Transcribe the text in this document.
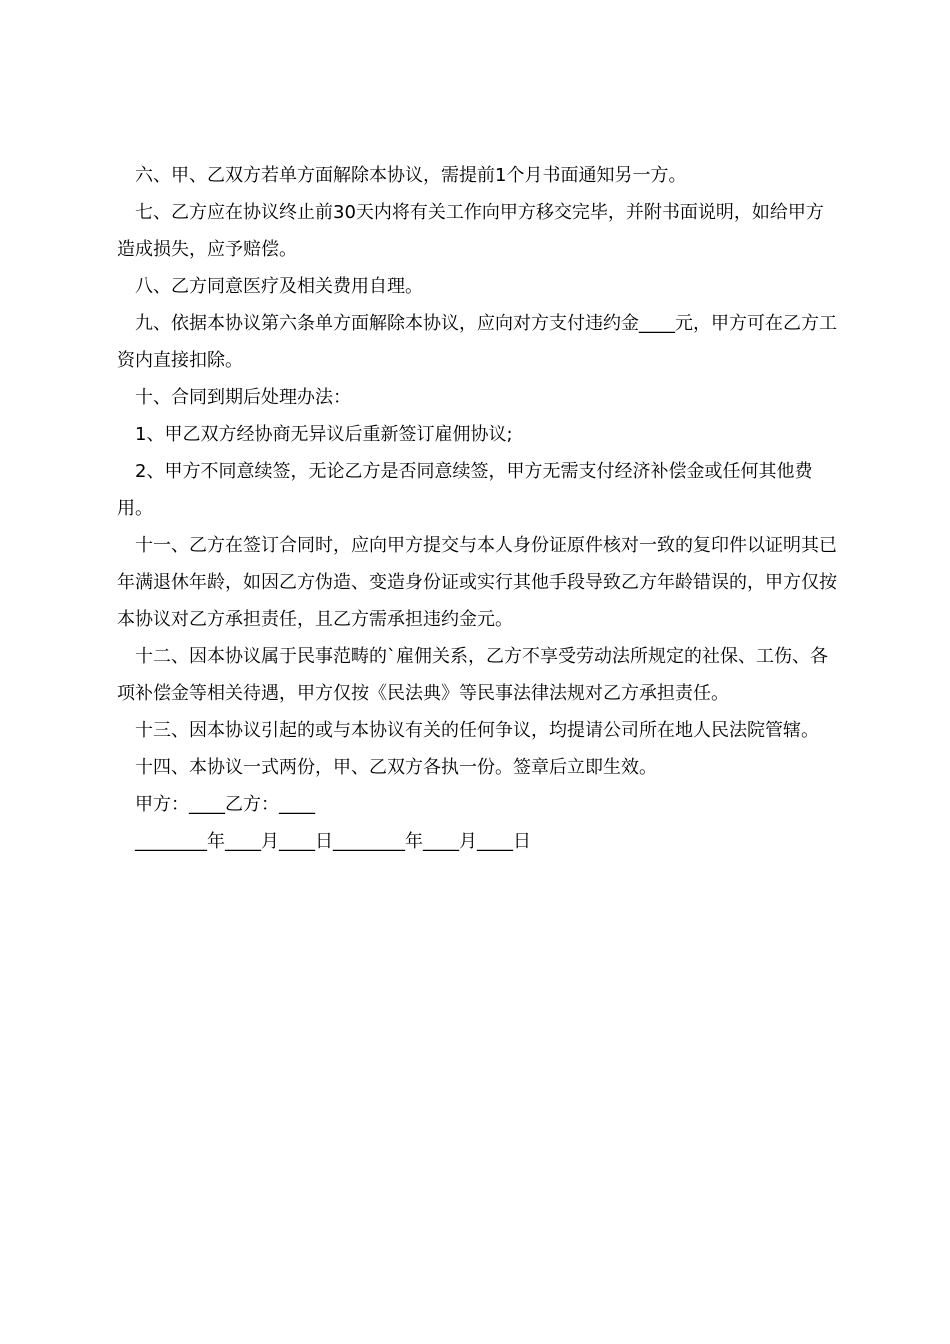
六、甲、乙双方若单方面解除本协议，需提前1个月书面通知另一方。

七、乙方应在协议终止前30天内将有关工作向甲方移交完毕，并附书面说明，如给甲方造成损失，应予赔偿。

八、乙方同意医疗及相关费用自理。

九、依据本协议第六条单方面解除本协议，应向对方支付违约金____元，甲方可在乙方工资内直接扣除。

十、合同到期后处理办法：

1、甲乙双方经协商无异议后重新签订雇佣协议;

2、甲方不同意续签，无论乙方是否同意续签，甲方无需支付经济补偿金或任何其他费用。

十一、乙方在签订合同时，应向甲方提交与本人身份证原件核对一致的复印件以证明其已年满退休年龄，如因乙方伪造、变造身份证或实行其他手段导致乙方年龄错误的，甲方仅按本协议对乙方承担责任，且乙方需承担违约金元。

十二、因本协议属于民事范畴的`雇佣关系，乙方不享受劳动法所规定的社保、工伤、各项补偿金等相关待遇，甲方仅按《民法典》等民事法律法规对乙方承担责任。

十三、因本协议引起的或与本协议有关的任何争议，均提请公司所在地人民法院管辖。

十四、本协议一式两份，甲、乙双方各执一份。签章后立即生效。

甲方：____乙方：____

________年____月____日________年____月____日
